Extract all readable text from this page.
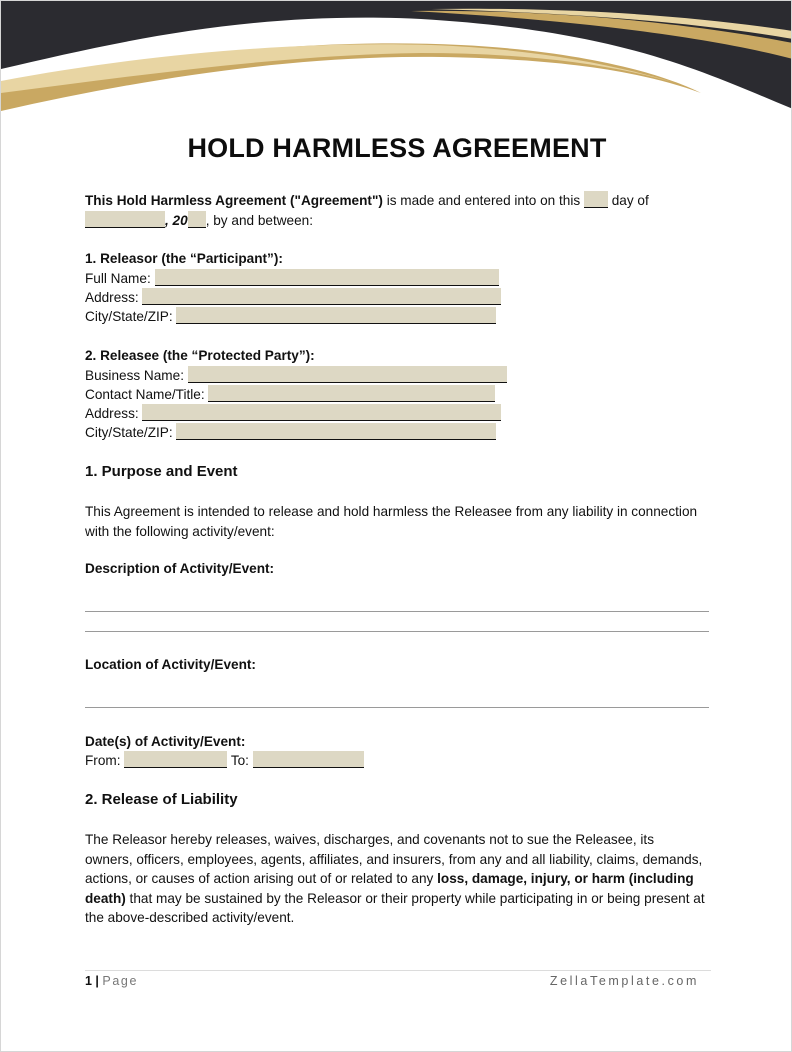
HOLD HARMLESS AGREEMENT
This Hold Harmless Agreement ("Agreement") is made and entered into on this  day of
, 20 , by and between:
1. Releasor (the “Participant”):
Full Name:
Address:
City/State/ZIP:
2. Releasee (the “Protected Party”):
Business Name:
Contact Name/Title:
Address:
City/State/ZIP:
1. Purpose and Event
This Agreement is intended to release and hold harmless the Releasee from any liability in connection with the following activity/event:
Description of Activity/Event:
Location of Activity/Event:
Date(s) of Activity/Event:
From:	To:
2. Release of Liability
The Releasor hereby releases, waives, discharges, and covenants not to sue the Releasee, its owners, officers, employees, agents, affiliates, and insurers, from any and all liability, claims, demands, actions, or causes of action arising out of or related to any loss, damage, injury, or harm (including death) that may be sustained by the Releasor or their property while participating in or being present at the above-described activity/event.
1 | Page	ZellaTemplate.com
